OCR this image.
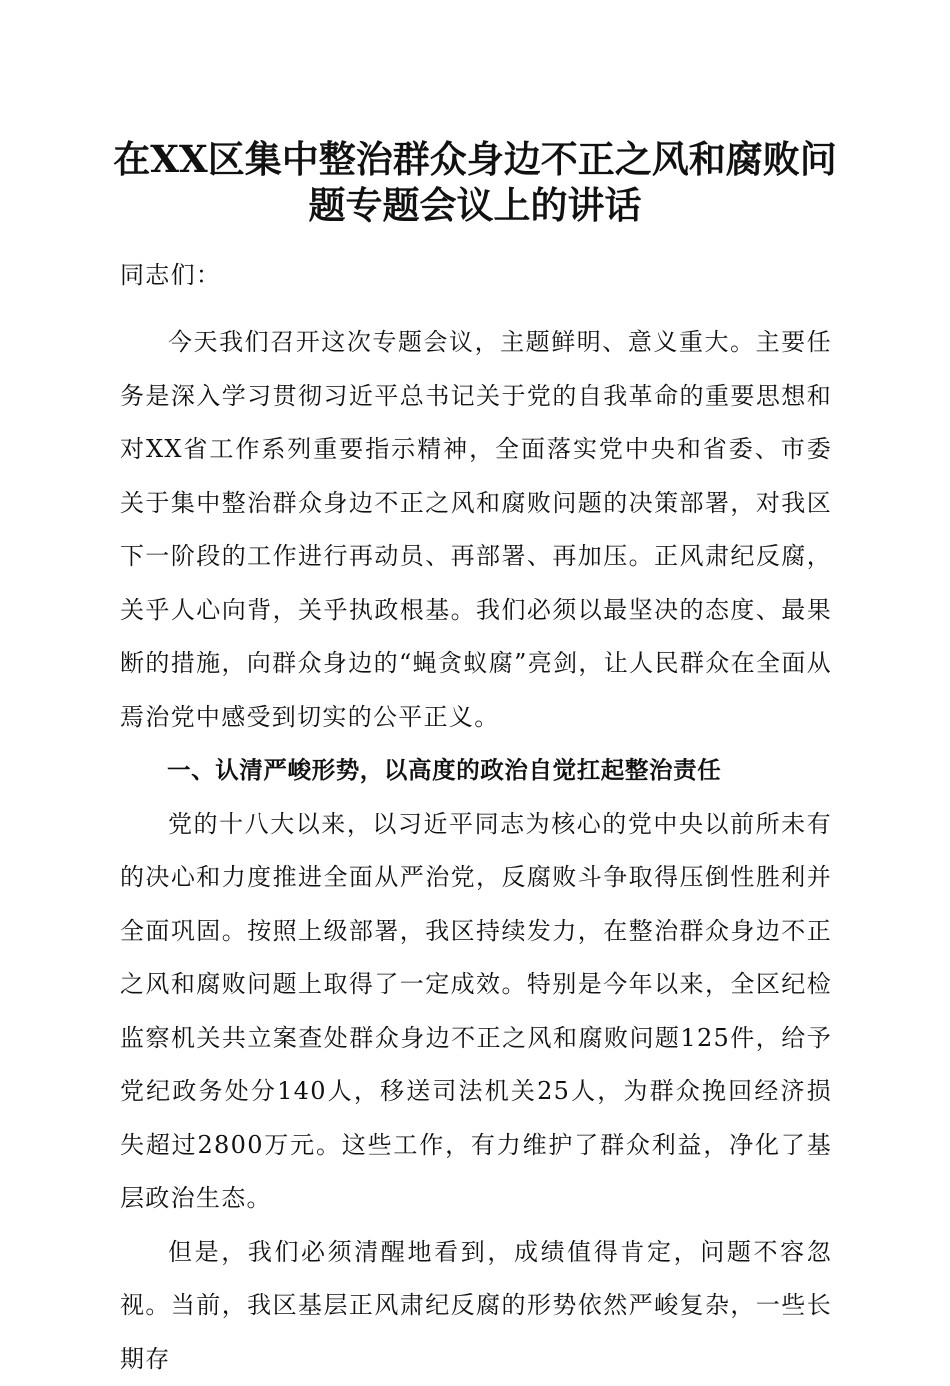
在XX区集中整治群众身边不正之风和腐败问
题专题会议上的讲话
同志们：

今天我们召开这次专题会议，主题鲜明、意义重大。主要任务是深入学习贯彻习近平总书记关于党的自我革命的重要思想和对XX省工作系列重要指示精神，全面落实党中央和省委、市委关于集中整治群众身边不正之风和腐败问题的决策部署，对我区下一阶段的工作进行再动员、再部署、再加压。正风肃纪反腐，关乎人心向背，关乎执政根基。我们必须以最坚决的态度、最果断的措施，向群众身边的“蝇贪蚁腐”亮剑，让人民群众在全面从焉治党中感受到切实的公平正义。

一、认清严峻形势，以高度的政治自觉扛起整治责任

党的十八大以来，以习近平同志为核心的党中央以前所未有的决心和力度推进全面从严治党，反腐败斗争取得压倒性胜利并全面巩固。按照上级部署，我区持续发力，在整治群众身边不正之风和腐败问题上取得了一定成效。特别是今年以来，全区纪检监察机关共立案查处群众身边不正之风和腐败问题125件，给予党纪政务处分140人，移送司法机关25人，为群众挽回经济损失超过2800万元。这些工作，有力维护了群众利益，净化了基层政治生态。

但是，我们必须清醒地看到，成绩值得肯定，问题不容忽视。当前，我区基层正风肃纪反腐的形势依然严峻复杂，一些长期存
